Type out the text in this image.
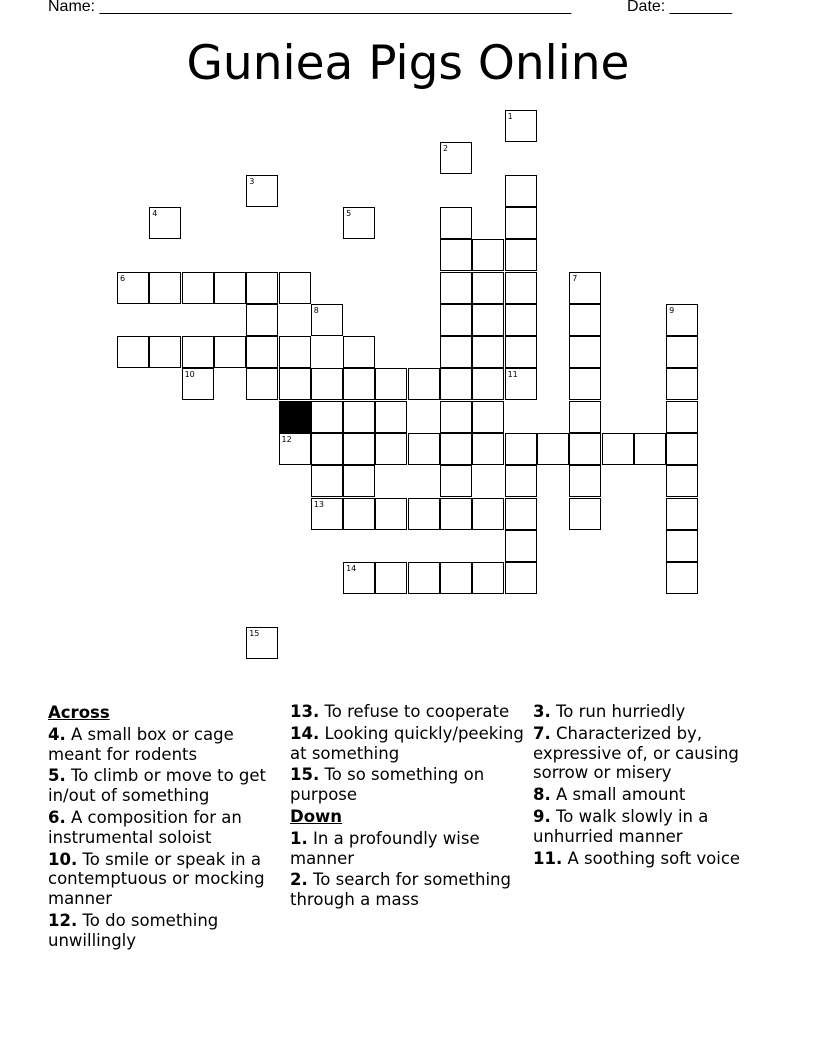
Name: _____________________________________________________	Date: _______
Guniea Pigs Online
12
13
14
1
2
3
4	5
6	7
8	9
10	11
15
Across
4. A small box or cage meant for rodents
5. To climb or move to get in/out of something
6. A composition for an instrumental soloist
10. To smile or speak in a contemptuous or mocking manner
12. To do something unwillingly
13. To refuse to cooperate
14. Looking quickly/peeking at something
15. To so something on purpose
Down
1. In a profoundly wise manner
2. To search for something through a mass
3. To run hurriedly
7. Characterized by, expressive of, or causing sorrow or misery
8. A small amount
9. To walk slowly in a unhurried manner
11. A soothing soft voice
